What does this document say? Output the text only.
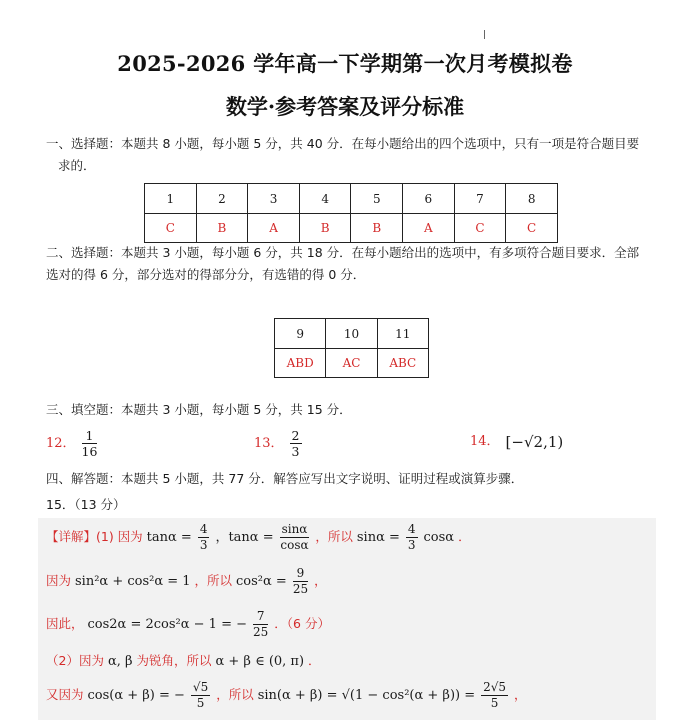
2025-2026 学年高一下学期第一次月考模拟卷
数学·参考答案及评分标准
一、选择题：本题共 8 小题，每小题 5 分，共 40 分．在每小题给出的四个选项中，只有一项是符合题目要
求的．
1	2	3	4	5	6	7	8
C	B	A	B	B	A	C	C
二、选择题：本题共 3 小题，每小题 6 分，共 18 分．在每小题给出的选项中，有多项符合题目要求．全部
选对的得 6 分，部分选对的得部分分，有选错的得 0 分．
9	10	11
ABD	AC	ABC
三、填空题：本题共 3 小题，每小题 5 分，共 15 分．
12． $\frac{1}{16}$	13． $\frac{2}{3}$	14． [−√2,1)
四、解答题：本题共 5 小题，共 77 分．解答应写出文字说明、证明过程或演算步骤．
15．（13 分）
【详解】(1) 因为 $\tan\alpha = \frac{4}{3}$ ，$\tan\alpha = \frac{\sin\alpha}{\cos\alpha}$ ，所以 $\sin\alpha = \frac{4}{3}$ cosα ．
因为 sin²α + cos²α = 1 ，所以 $\cos^2\alpha = \frac{9}{25}$ ，
因此， cos2α = 2cos²α − 1 = − $\frac{7}{25}$ ．（6 分）
（2）因为 α, β 为锐角，所以 α + β ∈ (0, π) ．
又因为 cos(α + β) = − $\frac{√5}{5}$ ，所以 $\sin(\alpha + \beta) = √(1 - \cos^2(\alpha + \beta)) = \frac{2√5}{5}$ ，
